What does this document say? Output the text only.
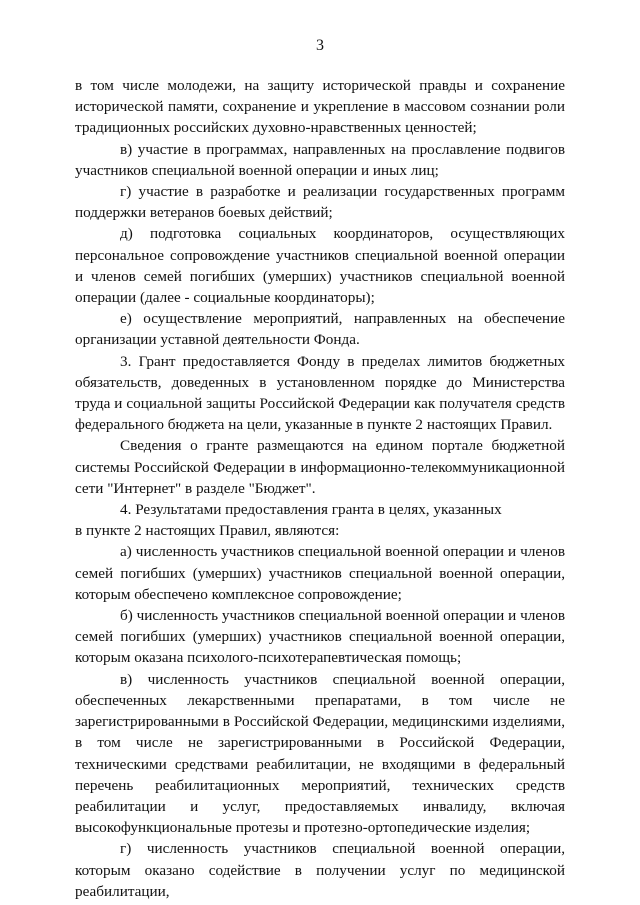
3

в том числе молодежи, на защиту исторической правды и сохранение исторической памяти, сохранение и укрепление в массовом сознании роли традиционных российских духовно-нравственных ценностей;

в) участие в программах, направленных на прославление подвигов участников специальной военной операции и иных лиц;

г) участие в разработке и реализации государственных программ поддержки ветеранов боевых действий;

д) подготовка социальных координаторов, осуществляющих персональное сопровождение участников специальной военной операции и членов семей погибших (умерших) участников специальной военной операции (далее - социальные координаторы);

е) осуществление мероприятий, направленных на обеспечение организации уставной деятельности Фонда.

3. Грант предоставляется Фонду в пределах лимитов бюджетных обязательств, доведенных в установленном порядке до Министерства труда и социальной защиты Российской Федерации как получателя средств федерального бюджета на цели, указанные в пункте 2 настоящих Правил.

Сведения о гранте размещаются на едином портале бюджетной системы Российской Федерации в информационно-телекоммуникационной сети "Интернет" в разделе "Бюджет".

4. Результатами предоставления гранта в целях, указанных
в пункте 2 настоящих Правил, являются:

а) численность участников специальной военной операции и членов семей погибших (умерших) участников специальной военной операции, которым обеспечено комплексное сопровождение;

б) численность участников специальной военной операции и членов семей погибших (умерших) участников специальной военной операции, которым оказана психолого-психотерапевтическая помощь;

в) численность участников специальной военной операции, обеспеченных лекарственными препаратами, в том числе не зарегистрированными в Российской Федерации, медицинскими изделиями, в том числе не зарегистрированными в Российской Федерации, техническими средствами реабилитации, не входящими в федеральный перечень реабилитационных мероприятий, технических средств реабилитации и услуг, предоставляемых инвалиду, включая высокофункциональные протезы и протезно-ортопедические изделия;

г) численность участников специальной военной операции, которым оказано содействие в получении услуг по медицинской реабилитации,
